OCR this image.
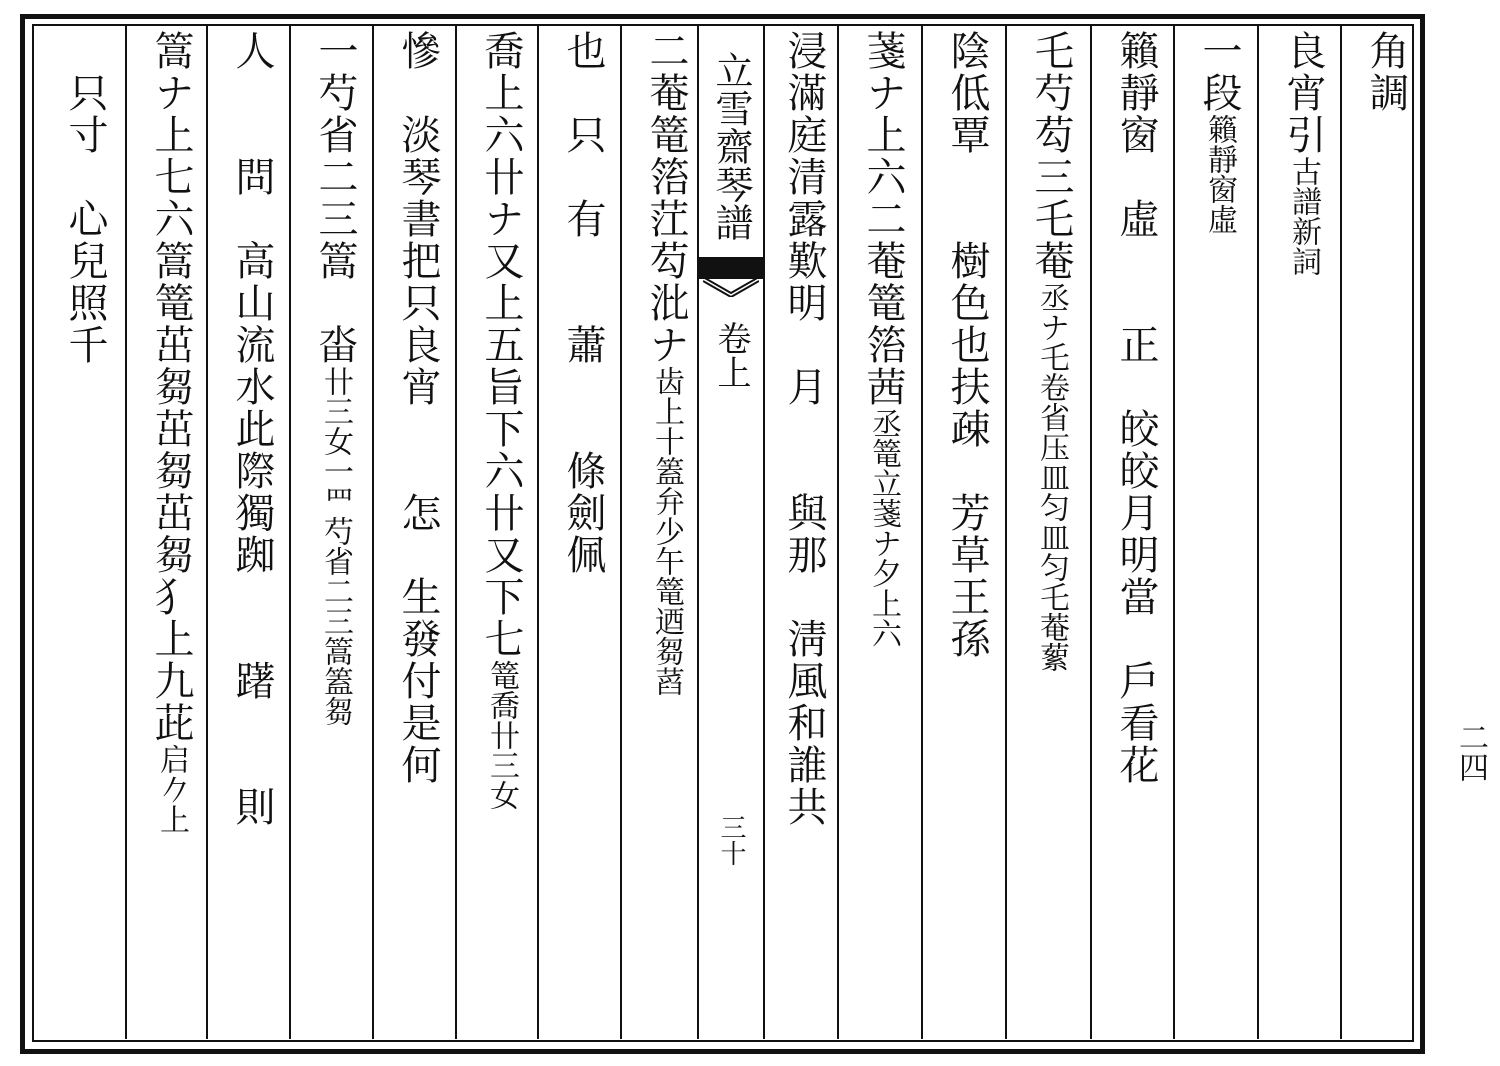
角調
良宵引古譜新詞
一段籟靜窗虛
籟靜窗　虛　　正　皎皎月明當　戶看花
乇芍芶三乇菴丞ナ乇卷省压皿匀皿匀乇菴蕠
陰低覃　　樹色也扶疎　芳草王孫
菚ナ上六二菴篭箈茜丞篭立菚ナ夕上六
浸滿庭清露歎明　月　　與那　淸風和誰共
立雪齋琴譜
卷上
三十
二菴篭箈茳芶沘ナ齿上十篕弁少午篭迺芻蓞
也　只　有　　蕭　　條劍佩
喬上六卄ナ又上五旨下六卄又下七篭喬卄三女
慘　淡琴書把只良宵　　怎　生發付是何
一芍省二三篙　畓卄三女一罒芍省二三篙篕芻
人　　問　高山流水此際獨踟　　躇　　則
篙ナ上七六篙篭茁芻茁芻茁芻犭上九茈启𠂊上
　只寸　心兒照千
二四
